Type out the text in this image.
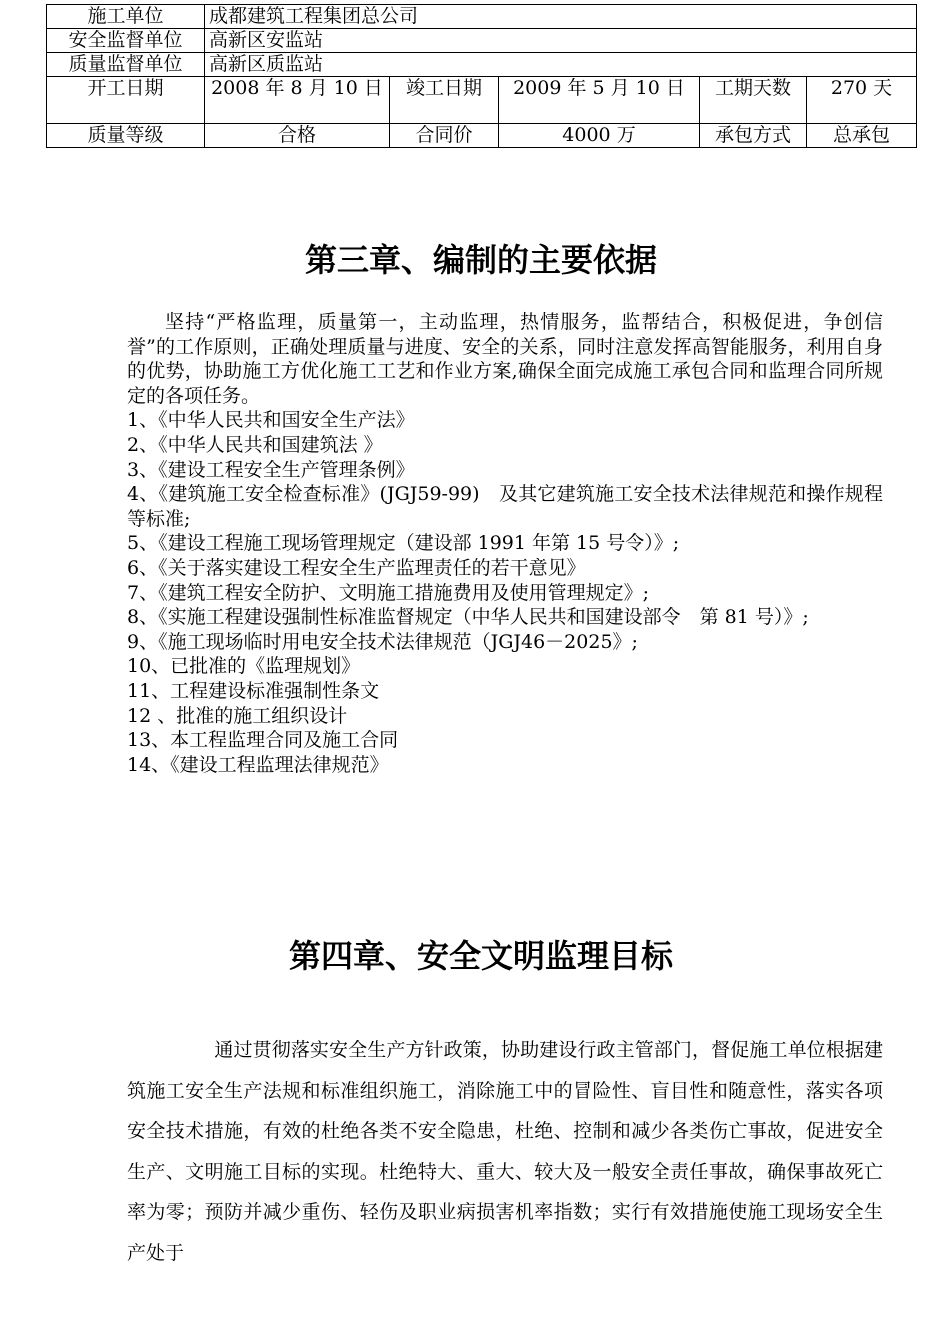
施工单位	成都建筑工程集团总公司				
安全监督单位	高新区安监站				
质量监督单位	高新区质监站				
开工日期	2008 年 8 月 10 日	竣工日期	2009 年 5 月 10 日	工期天数	270 天
质量等级	合格	合同价	4000 万	承包方式	总承包
第三章、编制的主要依据

坚持“严格监理，质量第一，主动监理，热情服务，监帮结合，积极促进，争创信誉”的工作原则，正确处理质量与进度、安全的关系，同时注意发挥高智能服务，利用自身的优势，协助施工方优化施工工艺和作业方案,确保全面完成施工承包合同和监理合同所规定的各项任务。

1、《中华人民共和国安全生产法》
2、《中华人民共和国建筑法 》
3、《建设工程安全生产管理条例》
4、《建筑施工安全检查标准》(JGJ59-99)　及其它建筑施工安全技术法律规范和操作规程等标准;
5、《建设工程施工现场管理规定（建设部 1991 年第 15 号令）》;
6、《关于落实建设工程安全生产监理责任的若干意见》
7、《建筑工程安全防护、文明施工措施费用及使用管理规定》;
8、《实施工程建设强制性标准监督规定（中华人民共和国建设部令　第 81 号）》;
9、《施工现场临时用电安全技术法律规范（JGJ46－2025》;
10、已批准的《监理规划》
11、工程建设标准强制性条文
12 、批准的施工组织设计
13、本工程监理合同及施工合同
14、《建设工程监理法律规范》
第四章、安全文明监理目标

通过贯彻落实安全生产方针政策，协助建设行政主管部门，督促施工单位根据建筑施工安全生产法规和标准组织施工，消除施工中的冒险性、盲目性和随意性，落实各项安全技术措施，有效的杜绝各类不安全隐患，杜绝、控制和减少各类伤亡事故，促进安全生产、文明施工目标的实现。杜绝特大、重大、较大及一般安全责任事故，确保事故死亡率为零；预防并减少重伤、轻伤及职业病损害机率指数；实行有效措施使施工现场安全生产处于
